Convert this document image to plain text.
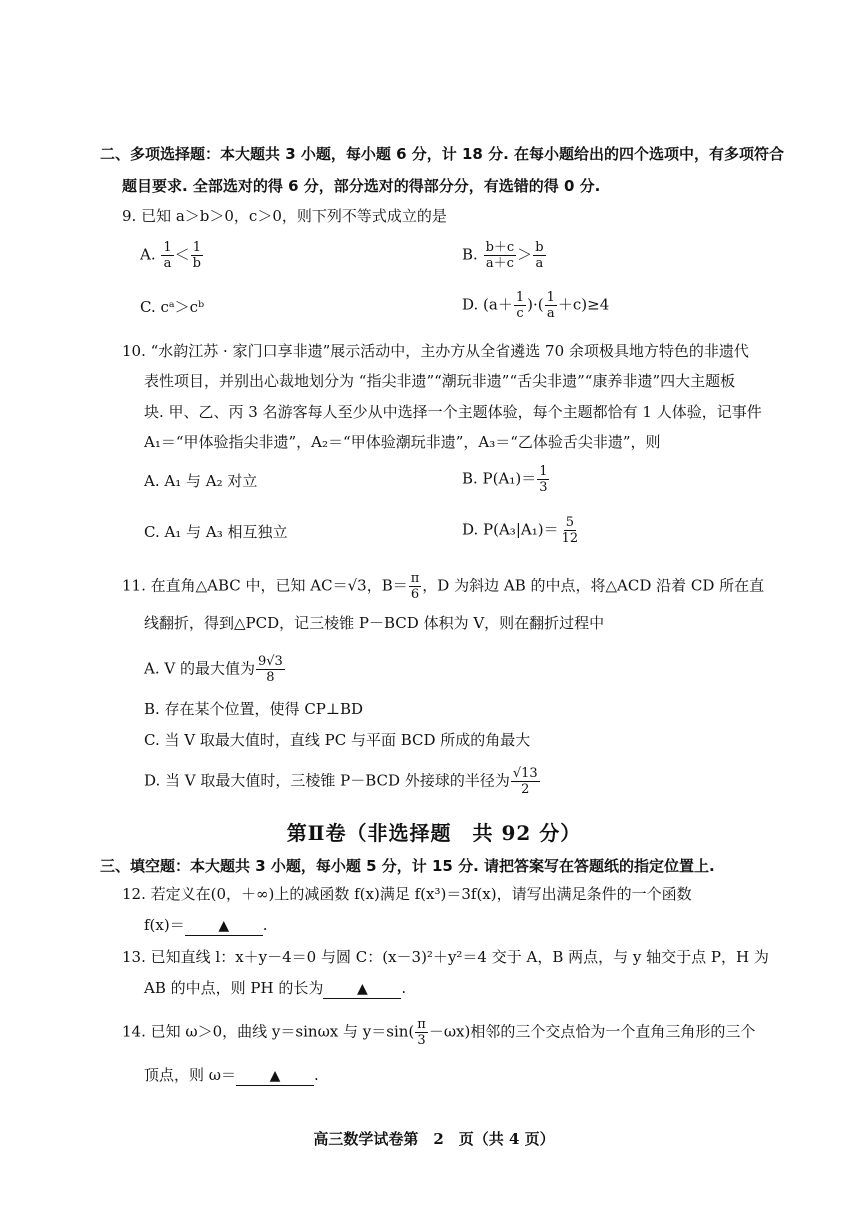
二、多项选择题：本大题共 3 小题，每小题 6 分，计 18 分. 在每小题给出的四个选项中，有多项符合
题目要求. 全部选对的得 6 分，部分选对的得部分分，有选错的得 0 分.
9. 已知 a＞b＞0，c＞0，则下列不等式成立的是
A. $\frac{1}{a} < \frac{1}{b}$	B. $\frac{b+c}{a+c} > \frac{b}{a}$
C. cᵃ＞cᵇ	D. ($a+ \frac{1}{c}$ )·( $\frac{1}{a} +c)\ge 4$
10. “水韵江苏 · 家门口享非遗”展示活动中，主办方从全省遴选 70 余项极具地方特色的非遗代
表性项目，并别出心裁地划分为 “指尖非遗”“潮玩非遗”“舌尖非遗”“康养非遗”四大主题板
块. 甲、乙、丙 3 名游客每人至少从中选择一个主题体验，每个主题都恰有 1 人体验，记事件
A₁＝“甲体验指尖非遗”，A₂＝“甲体验潮玩非遗”，A₃＝“乙体验舌尖非遗”，则
A. A₁ 与 A₂ 对立	B. $P(A_1)= \frac{1}{3}$
C. A₁ 与 A₃ 相互独立	D. $P(A_3|A_1)= \frac{5}{12}$
11. 在直角△ABC 中，已知 AC＝√3，$B= \frac{\pi}{6}$ ，D 为斜边 AB 的中点，将△ACD 沿着 CD 所在直
线翻折，得到△PCD，记三棱锥 P－BCD 体积为 V，则在翻折过程中
A. V 的最大值为 $\frac{9√3}{8}$
B. 存在某个位置，使得 CP⊥BD
C. 当 V 取最大值时，直线 PC 与平面 BCD 所成的角最大
D. 当 V 取最大值时，三棱锥 P－BCD 外接球的半径为 $\frac{√13}{2}$
第Ⅱ卷（非选择题　共 92 分）
三、填空题：本大题共 3 小题，每小题 5 分，计 15 分. 请把答案写在答题纸的指定位置上.
12. 若定义在(0，＋∞)上的减函数 f(x)满足 f(x³)＝3f(x)，请写出满足条件的一个函数
f(x)＝ ▲ .
13. 已知直线 l：x＋y－4＝0 与圆 C：(x－3)²＋y²＝4 交于 A，B 两点，与 y 轴交于点 P，H 为
AB 的中点，则 PH 的长为 ▲ .
14. 已知 ω＞0，曲线 y＝sinωx 与 $y=\sin( \frac{\pi}{3} -\omega x)$相邻的三个交点恰为一个直角三角形的三个
顶点，则 ω＝ ▲ .
高三数学试卷第　2　页（共 4 页）
